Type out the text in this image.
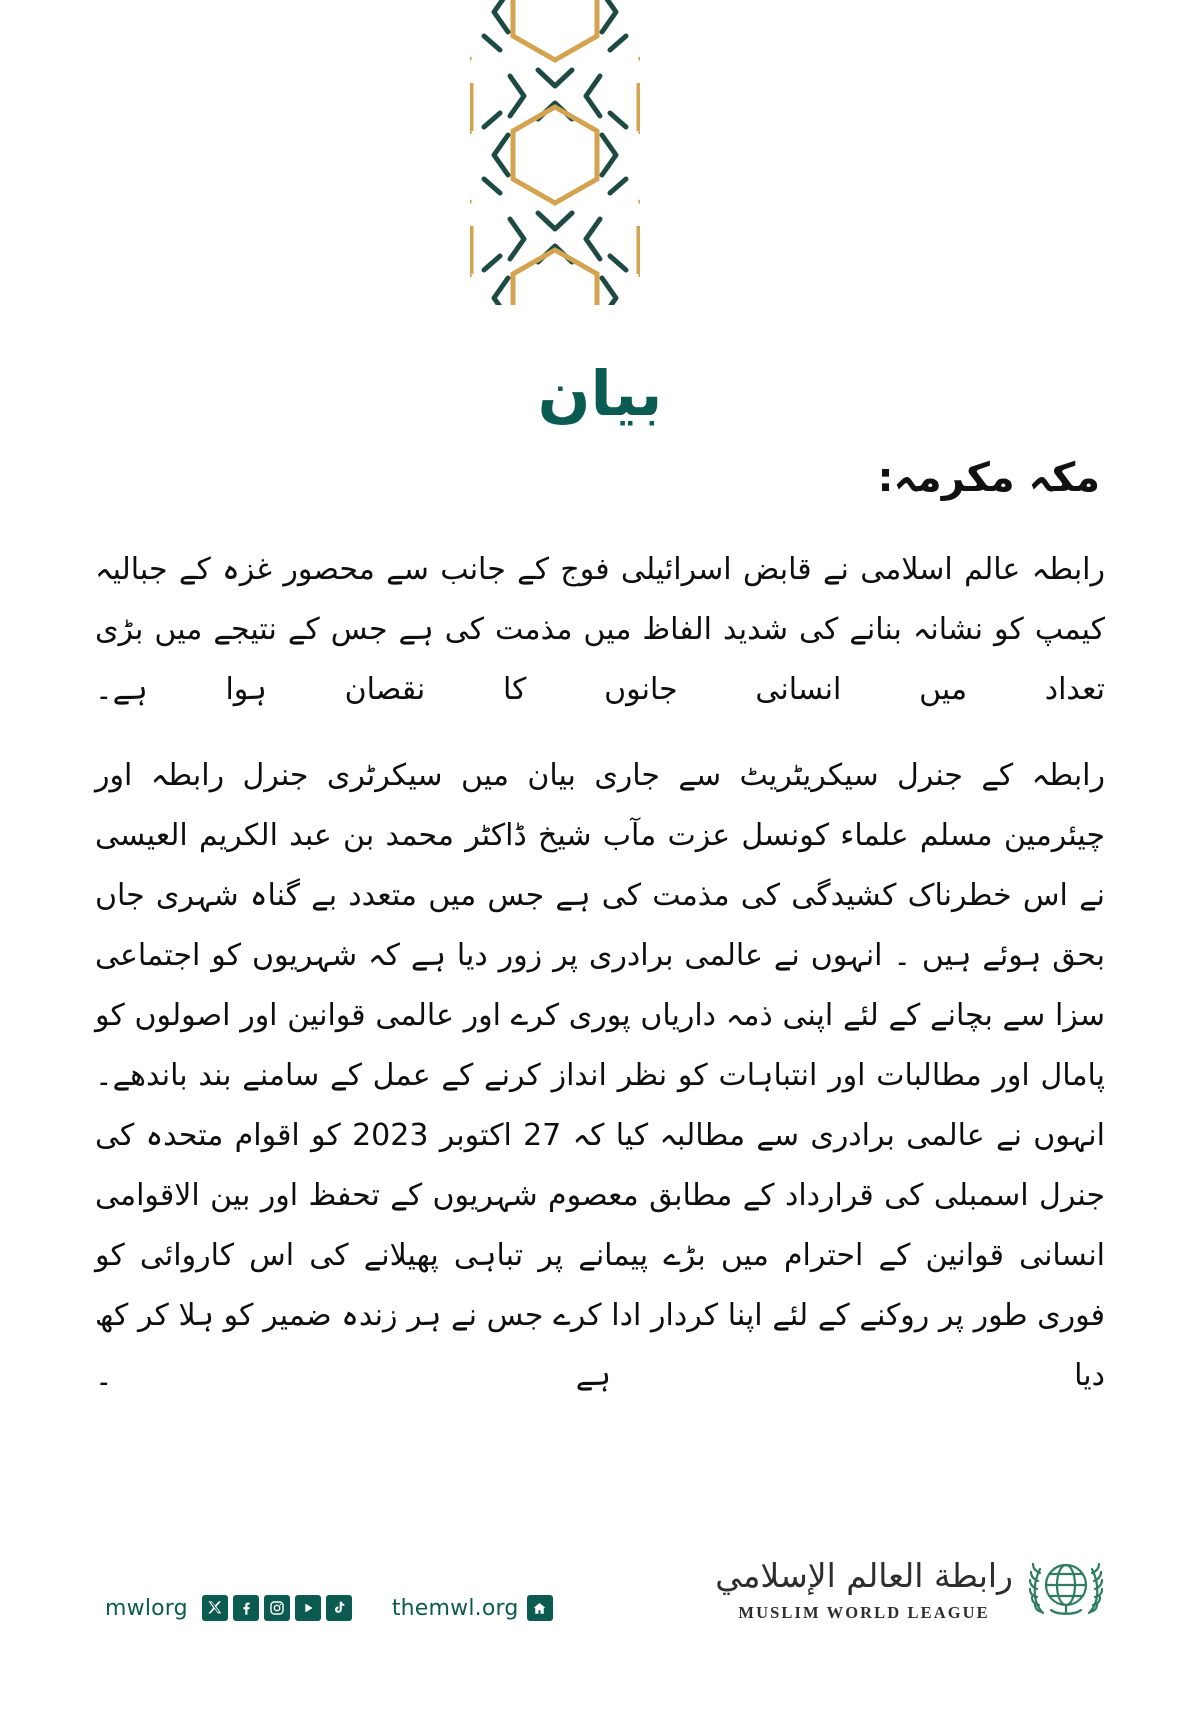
بیان
مکہ مکرمہ:

رابطہ عالم اسلامی نے قابض اسرائیلی فوج کے جانب سے محصور غزہ کے جبالیہ کیمپ کو نشانہ بنانے کی شدید الفاظ میں مذمت کی ہے جس کے نتیجے میں بڑی تعداد میں انسانی جانوں کا نقصان ہوا ہے۔

رابطہ کے جنرل سیکریٹریٹ سے جاری بیان میں سیکرٹری جنرل رابطہ اور چیئرمین مسلم علماء کونسل عزت مآب شیخ ڈاکٹر محمد بن عبد الکریم العیسی نے اس خطرناک کشیدگی کی مذمت کی ہے جس میں متعدد بے گناہ شہری جاں بحق ہوئے ہیں ۔ انہوں نے عالمی برادری پر زور دیا ہے کہ شہریوں کو اجتماعی سزا سے بچانے کے لئے اپنی ذمہ داریاں پوری کرے اور عالمی قوانین اور اصولوں کو پامال اور مطالبات اور انتباہات کو نظر انداز کرنے کے عمل کے سامنے بند باندھے۔ انہوں نے عالمی برادری سے مطالبہ کیا کہ 27 اکتوبر 2023 کو اقوام متحدہ کی جنرل اسمبلی کی قرارداد کے مطابق معصوم شہریوں کے تحفظ اور بین الاقوامی انسانی قوانین کے احترام میں بڑے پیمانے پر تباہی پھیلانے کی اس کاروائی کو فوری طور پر روکنے کے لئے اپنا کردار ادا کرے جس نے ہر زندہ ضمیر کو ہلا کر کھ دیا ہے ۔

mwlorg	themwl.org
رابطة العالم الإسلامي
MUSLIM WORLD LEAGUE
